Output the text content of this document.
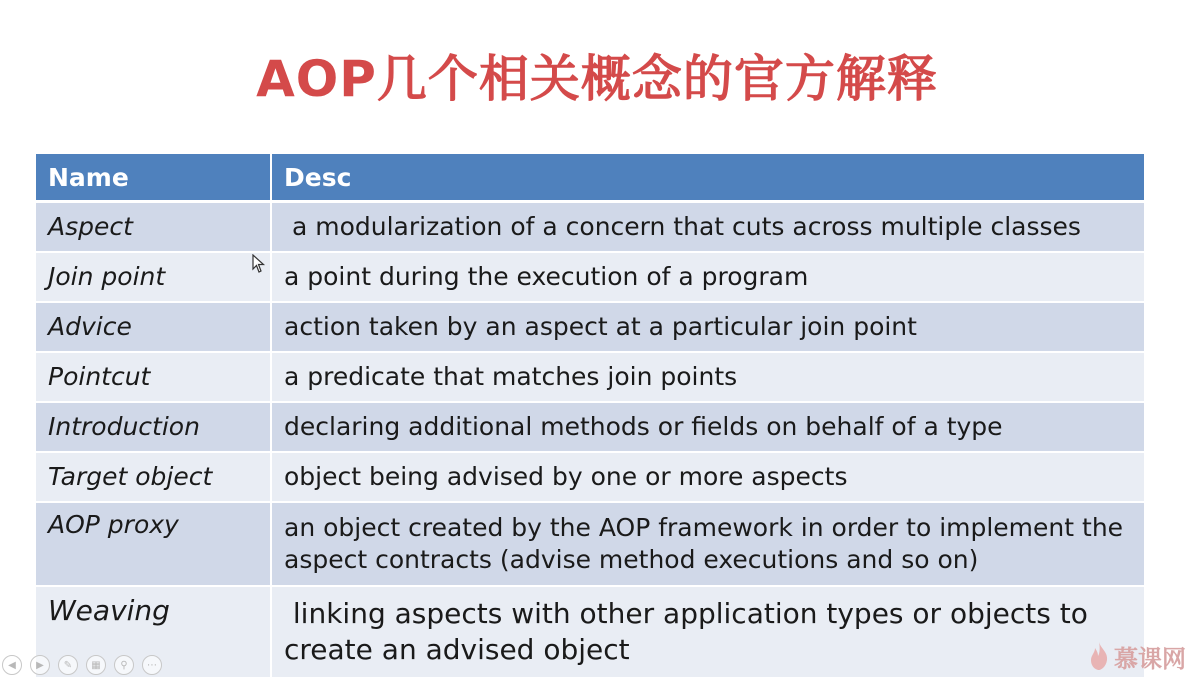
AOP几个相关概念的官方解释
Name	Desc
Aspect	a modularization of a concern that cuts across multiple classes
Join point	a point during the execution of a program
Advice	action taken by an aspect at a particular join point
Pointcut	a predicate that matches join points
Introduction	declaring additional methods or fields on behalf of a type
Target object	object being advised by one or more aspects
AOP proxy	an object created by the AOP framework in order to implement the aspect contracts (advise method executions and so on)
Weaving	linking aspects with other application types or objects to create an advised object
◀	▶	✎	▦	⚲	⋯	慕课网
